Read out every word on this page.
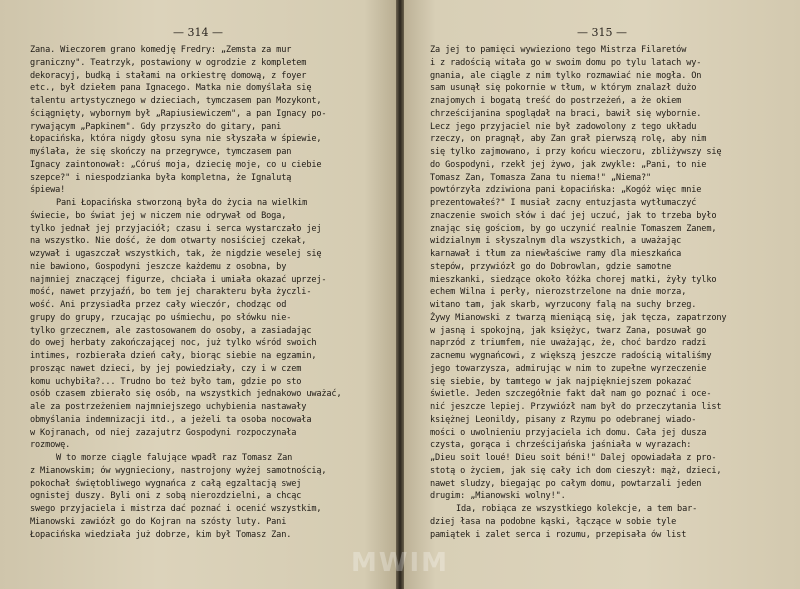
— 314 —
Zana. Wieczorem grano komedję Fredry: „Zemsta za mur
graniczny". Teatrzyk, postawiony w ogrodzie z kompletem
dekoracyj, budką i stałami na orkiestrę domową, z foyer
etc., był dziełem pana Ignacego. Matka nie domyślała się
talentu artystycznego w dzieciach, tymczasem pan Mozykont,
ściągnięty, wybornym był „Rapiusiewiczem", a pan Ignacy po-
rywającym „Papkinem". Gdy przyszło do gitary, pani
Łopacińska, która nigdy głosu syna nie słyszała w śpiewie,
myślała, że się skończy na przegrywce, tymczasem pan
Ignacy zaintonował: „Córuś moja, dziecię moje, co u ciebie
szepce?" i niespodzianka była kompletna, że Ignalutą
śpiewa!
Pani Łopacińska stworzoną była do życia na wielkim
świecie, bo świat jej w niczem nie odrywał od Boga,
tylko jednał jej przyjaciół; czasu i serca wystarczało jej
na wszystko. Nie dość, że dom otwarty nosiściej czekał,
wzywał i ugaszczał wszystkich, tak, że nigdzie weselej się
nie bawiono, Gospodyni jeszcze każdemu z osobna, by
najmniej znaczącej figurze, chciała i umiała okazać uprzej-
mość, nawet przyjaźń, bo tem jej charakteru była życzli-
wość. Ani przysiadła przez cały wieczór, chodząc od
grupy do grupy, rzucając po uśmiechu, po słówku nie-
tylko grzecznem, ale zastosowanem do osoby, a zasiadając
do owej herbaty zakończającej noc, już tylko wśród swoich
intimes, rozbierała dzień cały, biorąc siebie na egzamin,
prosząc nawet dzieci, by jej powiedziały, czy i w czem
komu uchybiła?... Trudno bo też było tam, gdzie po sto
osób czasem zbierało się osób, na wszystkich jednakowo uważać,
ale za postrzeżeniem najmniejszego uchybienia nastawały
obmyślania indemnizacji itd., a jeżeli ta osoba nocowała
w Kojranach, od niej zazajutrz Gospodyni rozpoczynała
rozmowę.
W to morze ciągle falujące wpadł raz Tomasz Zan
z Mianowskim; ów wygnieciony, nastrojony wyżej samotnością,
pokochał świętobliwego wygnańca z całą egzaltacją swej
ognistej duszy. Byli oni z sobą nierozdzielni, a chcąc
swego przyjaciela i mistrza dać poznać i ocenić wszystkim,
Mianowski zawiózł go do Kojran na szósty luty. Pani
Łopacińska wiedziała już dobrze, kim był Tomasz Zan.
— 315 —
Za jej to pamięci wywieziono tego Mistrza Filaretów
i z radością witała go w swoim domu po tylu latach wy-
gnania, ale ciągle z nim tylko rozmawiać nie mogła. On
sam usunął się pokornie w tłum, w którym znalazł dużo
znajomych i bogatą treść do postrzeżeń, a że okiem
chrześcijanina spoglądał na braci, bawił się wybornie.
Lecz jego przyjaciel nie był zadowolony z tego układu
rzeczy, on pragnął, aby Zan grał pierwszą rolę, aby nim
się tylko zajmowano, i przy końcu wieczoru, zbliżywszy się
do Gospodyni, rzekł jej żywo, jak zwykle: „Pani, to nie
Tomasz Zan, Tomasza Zana tu niema!" „Niema?"
powtórzyła zdziwiona pani Łopacińska: „Kogóż więc mnie
prezentowałeś?" I musiał zacny entuzjasta wytłumaczyć
znaczenie swoich słów i dać jej uczuć, jak to trzeba było
znając się gościom, by go uczynić realnie Tomaszem Zanem,
widzialnym i słyszalnym dla wszystkich, a uważając
karnawał i tłum za niewłaściwe ramy dla mieszkańca
stepów, przywiózł go do Dobrowlan, gdzie samotne
mieszkanki, siedzące około łóżka chorej matki, żyły tylko
echem Wilna i perły, nierozstrzelone na dnie morza,
witano tam, jak skarb, wyrzucony falą na suchy brzeg.
Żywy Mianowski z twarzą mieniącą się, jak tęcza, zapatrzony
w jasną i spokojną, jak księżyc, twarz Zana, posuwał go
naprzód z triumfem, nie uważając, że, choć bardzo radzi
zacnemu wygnańcowi, z większą jeszcze radością witaliśmy
jego towarzysza, admirując w nim to zupełne wyrzeczenie
się siebie, by tamtego w jak najpiękniejszem pokazać
świetle. Jeden szczegółnie fakt dał nam go poznać i oce-
nić jeszcze lepiej. Przywiózł nam był do przeczytania list
księżnej Leonildy, pisany z Rzymu po odebranej wiado-
mości o uwolnieniu przyjaciela ich domu. Cała jej dusza
czysta, gorąca i chrześcijańska jaśniała w wyrazach:
„Dieu soit loué! Dieu soit béni!" Dalej opowiadała z pro-
stotą o życiem, jak się cały ich dom cieszył: mąż, dzieci,
nawet sludzy, biegając po całym domu, powtarzali jeden
drugim: „Mianowski wolny!".
Ida, robiąca ze wszystkiego kolekcje, a tem bar-
dziej łasa na podobne kąski, łączące w sobie tyle
pamiątek i zalet serca i rozumu, przepisała ów list
MWIM
